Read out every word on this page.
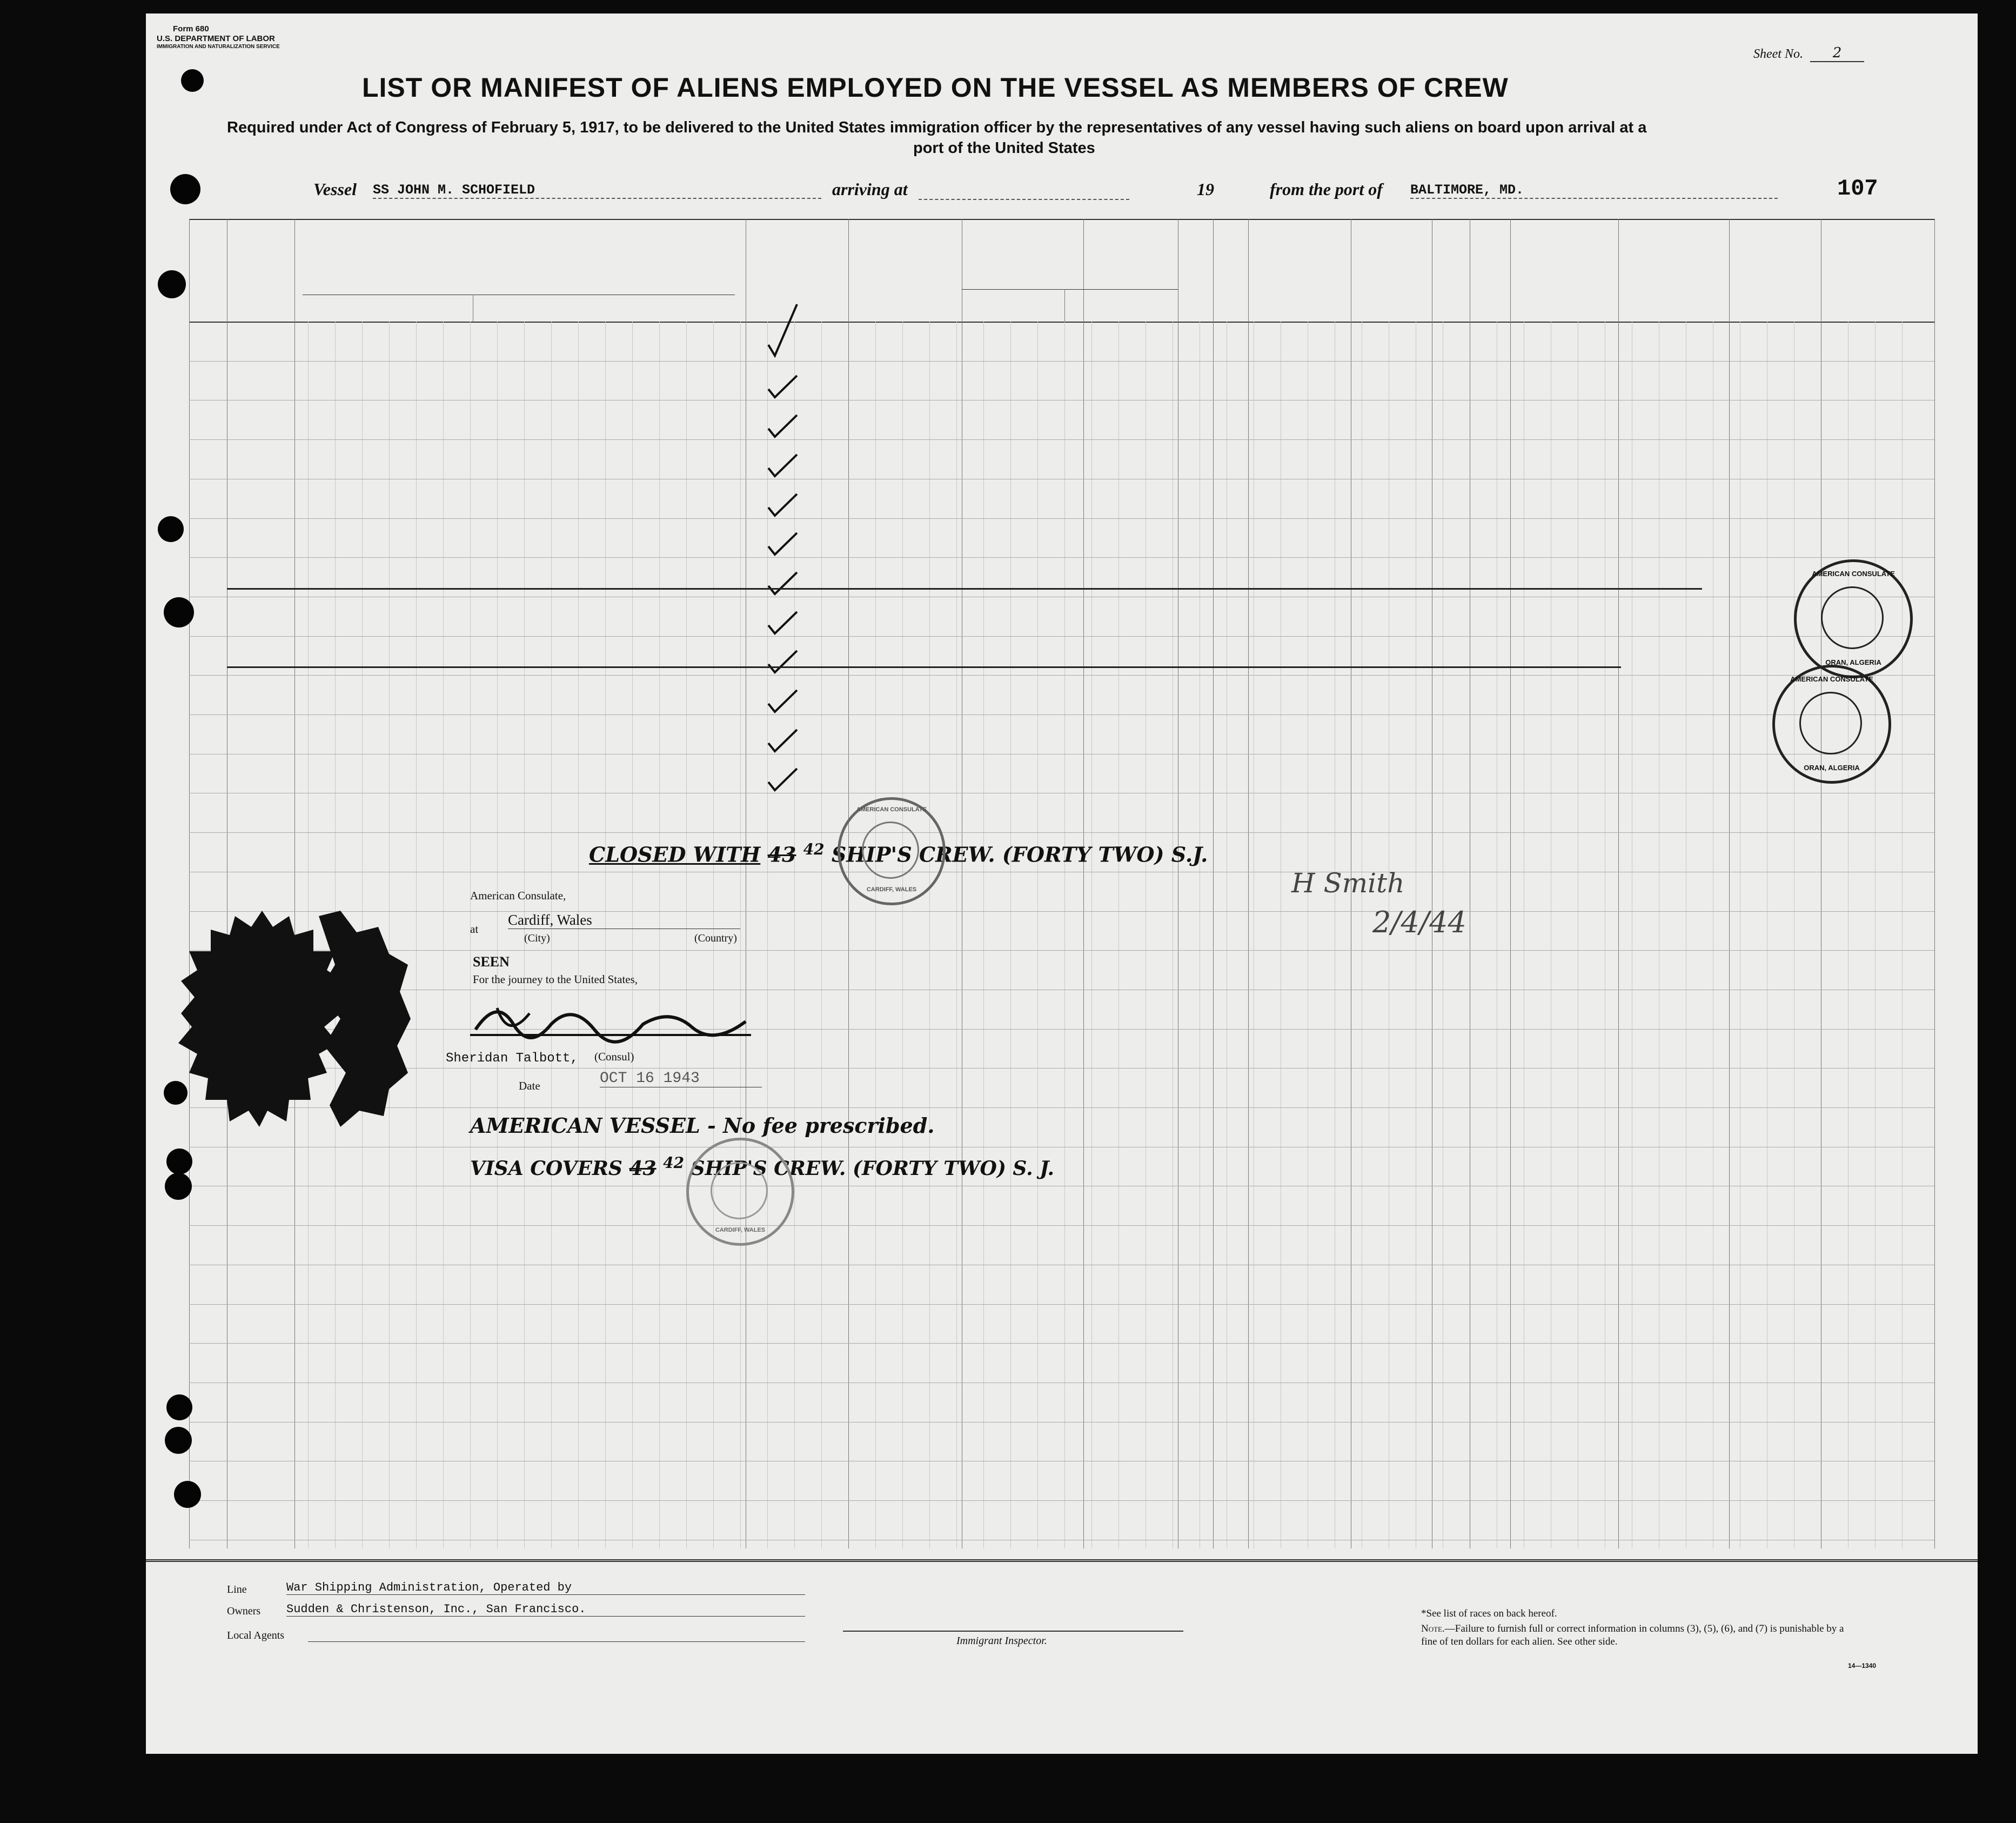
Form 680
U.S. DEPARTMENT OF LABOR
IMMIGRATION AND NATURALIZATION SERVICE
Sheet No.	2
LIST OR MANIFEST OF ALIENS EMPLOYED ON THE VESSEL AS MEMBERS OF CREW
Required under Act of Congress of February 5, 1917, to be delivered to the United States immigration officer by the representatives of any vessel having such aliens on board upon arrival at a
port of the United States
Vessel SS JOHN M. SCHOFIELD	arriving at	19	from the port of BALTIMORE, MD.	107
CLOSED WITH 43 $^{42}$ SHIP'S CREW. (FORTY TWO) S.J.
H Smith
2/4/44
American Consulate,
at
Cardiff, Wales
(City)	(Country)
SEEN
For the journey to the United States,
Sheridan Talbott, (Consul)
Date	OCT 16 1943
AMERICAN VESSEL - No fee prescribed.
VISA COVERS 43 $^{42}$ SHIP'S CREW. (FORTY TWO) S. J.
AMERICAN CONSULATE
CARDIFF, WALES
CARDIFF, WALES
AMERICAN CONSULATE
ORAN, ALGERIA
AMERICAN CONSULATE
ORAN, ALGERIA
Line	War Shipping Administration, Operated by
Owners Sudden & Christenson, Inc., San Francisco.
Local Agents	Immigrant Inspector.
*See list of races on back hereof.
Note.—Failure to furnish full or correct information in columns (3), (5), (6), and (7) is punishable by a fine of ten dollars for each alien. See other side.
14—1340
